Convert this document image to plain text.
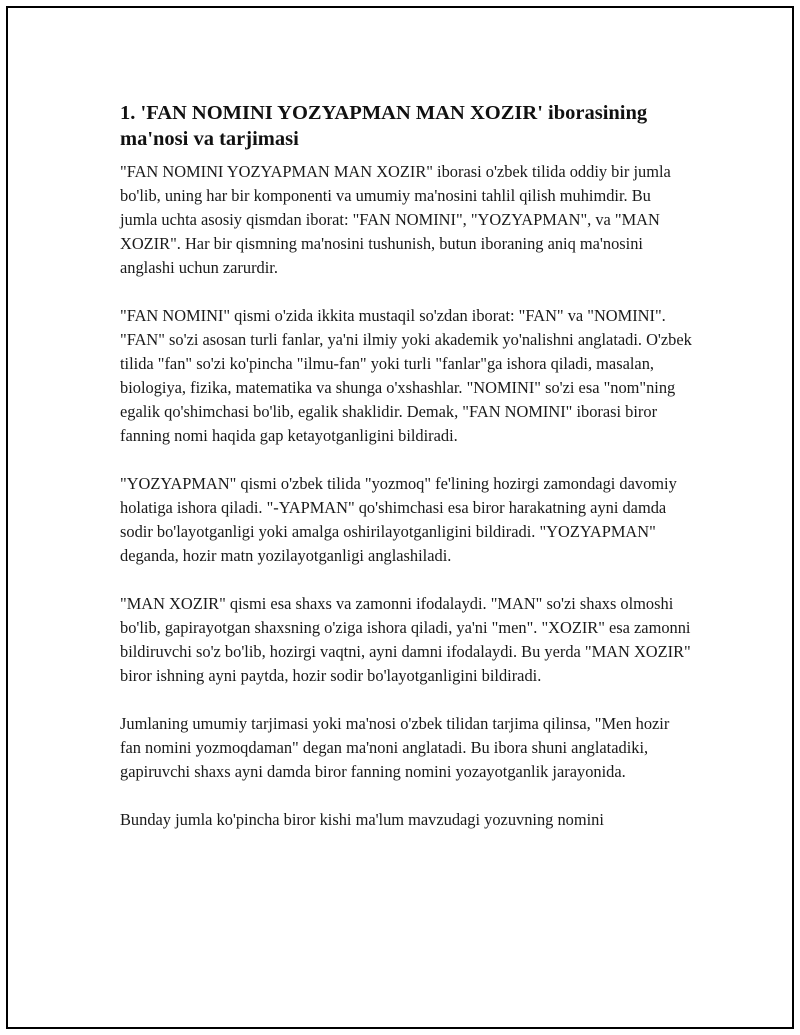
1. 'FAN NOMINI YOZYAPMAN MAN XOZIR' iborasining ma'nosi va tarjimasi

"FAN NOMINI YOZYAPMAN MAN XOZIR" iborasi o'zbek tilida oddiy bir jumla bo'lib, uning har bir komponenti va umumiy ma'nosini tahlil qilish muhimdir. Bu jumla uchta asosiy qismdan iborat: "FAN NOMINI", "YOZYAPMAN", va "MAN XOZIR". Har bir qismning ma'nosini tushunish, butun iboraning aniq ma'nosini anglashi uchun zarurdir.

"FAN NOMINI" qismi o'zida ikkita mustaqil so'zdan iborat: "FAN" va "NOMINI". "FAN" so'zi asosan turli fanlar, ya'ni ilmiy yoki akademik yo'nalishni anglatadi. O'zbek tilida "fan" so'zi ko'pincha "ilmu-fan" yoki turli "fanlar"ga ishora qiladi, masalan, biologiya, fizika, matematika va shunga o'xshashlar. "NOMINI" so'zi esa "nom"ning egalik qo'shimchasi bo'lib, egalik shaklidir. Demak, "FAN NOMINI" iborasi biror fanning nomi haqida gap ketayotganligini bildiradi.

"YOZYAPMAN" qismi o'zbek tilida "yozmoq" fe'lining hozirgi zamondagi davomiy holatiga ishora qiladi. "-YAPMAN" qo'shimchasi esa biror harakatning ayni damda sodir bo'layotganligi yoki amalga oshirilayotganligini bildiradi. "YOZYAPMAN" deganda, hozir matn yozilayotganligi anglashiladi.

"MAN XOZIR" qismi esa shaxs va zamonni ifodalaydi. "MAN" so'zi shaxs olmoshi bo'lib, gapirayotgan shaxsning o'ziga ishora qiladi, ya'ni "men". "XOZIR" esa zamonni bildiruvchi so'z bo'lib, hozirgi vaqtni, ayni damni ifodalaydi. Bu yerda "MAN XOZIR" biror ishning ayni paytda, hozir sodir bo'layotganligini bildiradi.

Jumlaning umumiy tarjimasi yoki ma'nosi o'zbek tilidan tarjima qilinsa, "Men hozir fan nomini yozmoqdaman" degan ma'noni anglatadi. Bu ibora shuni anglatadiki, gapiruvchi shaxs ayni damda biror fanning nomini yozayotganlik jarayonida.

Bunday jumla ko'pincha biror kishi ma'lum mavzudagi yozuvning nomini
